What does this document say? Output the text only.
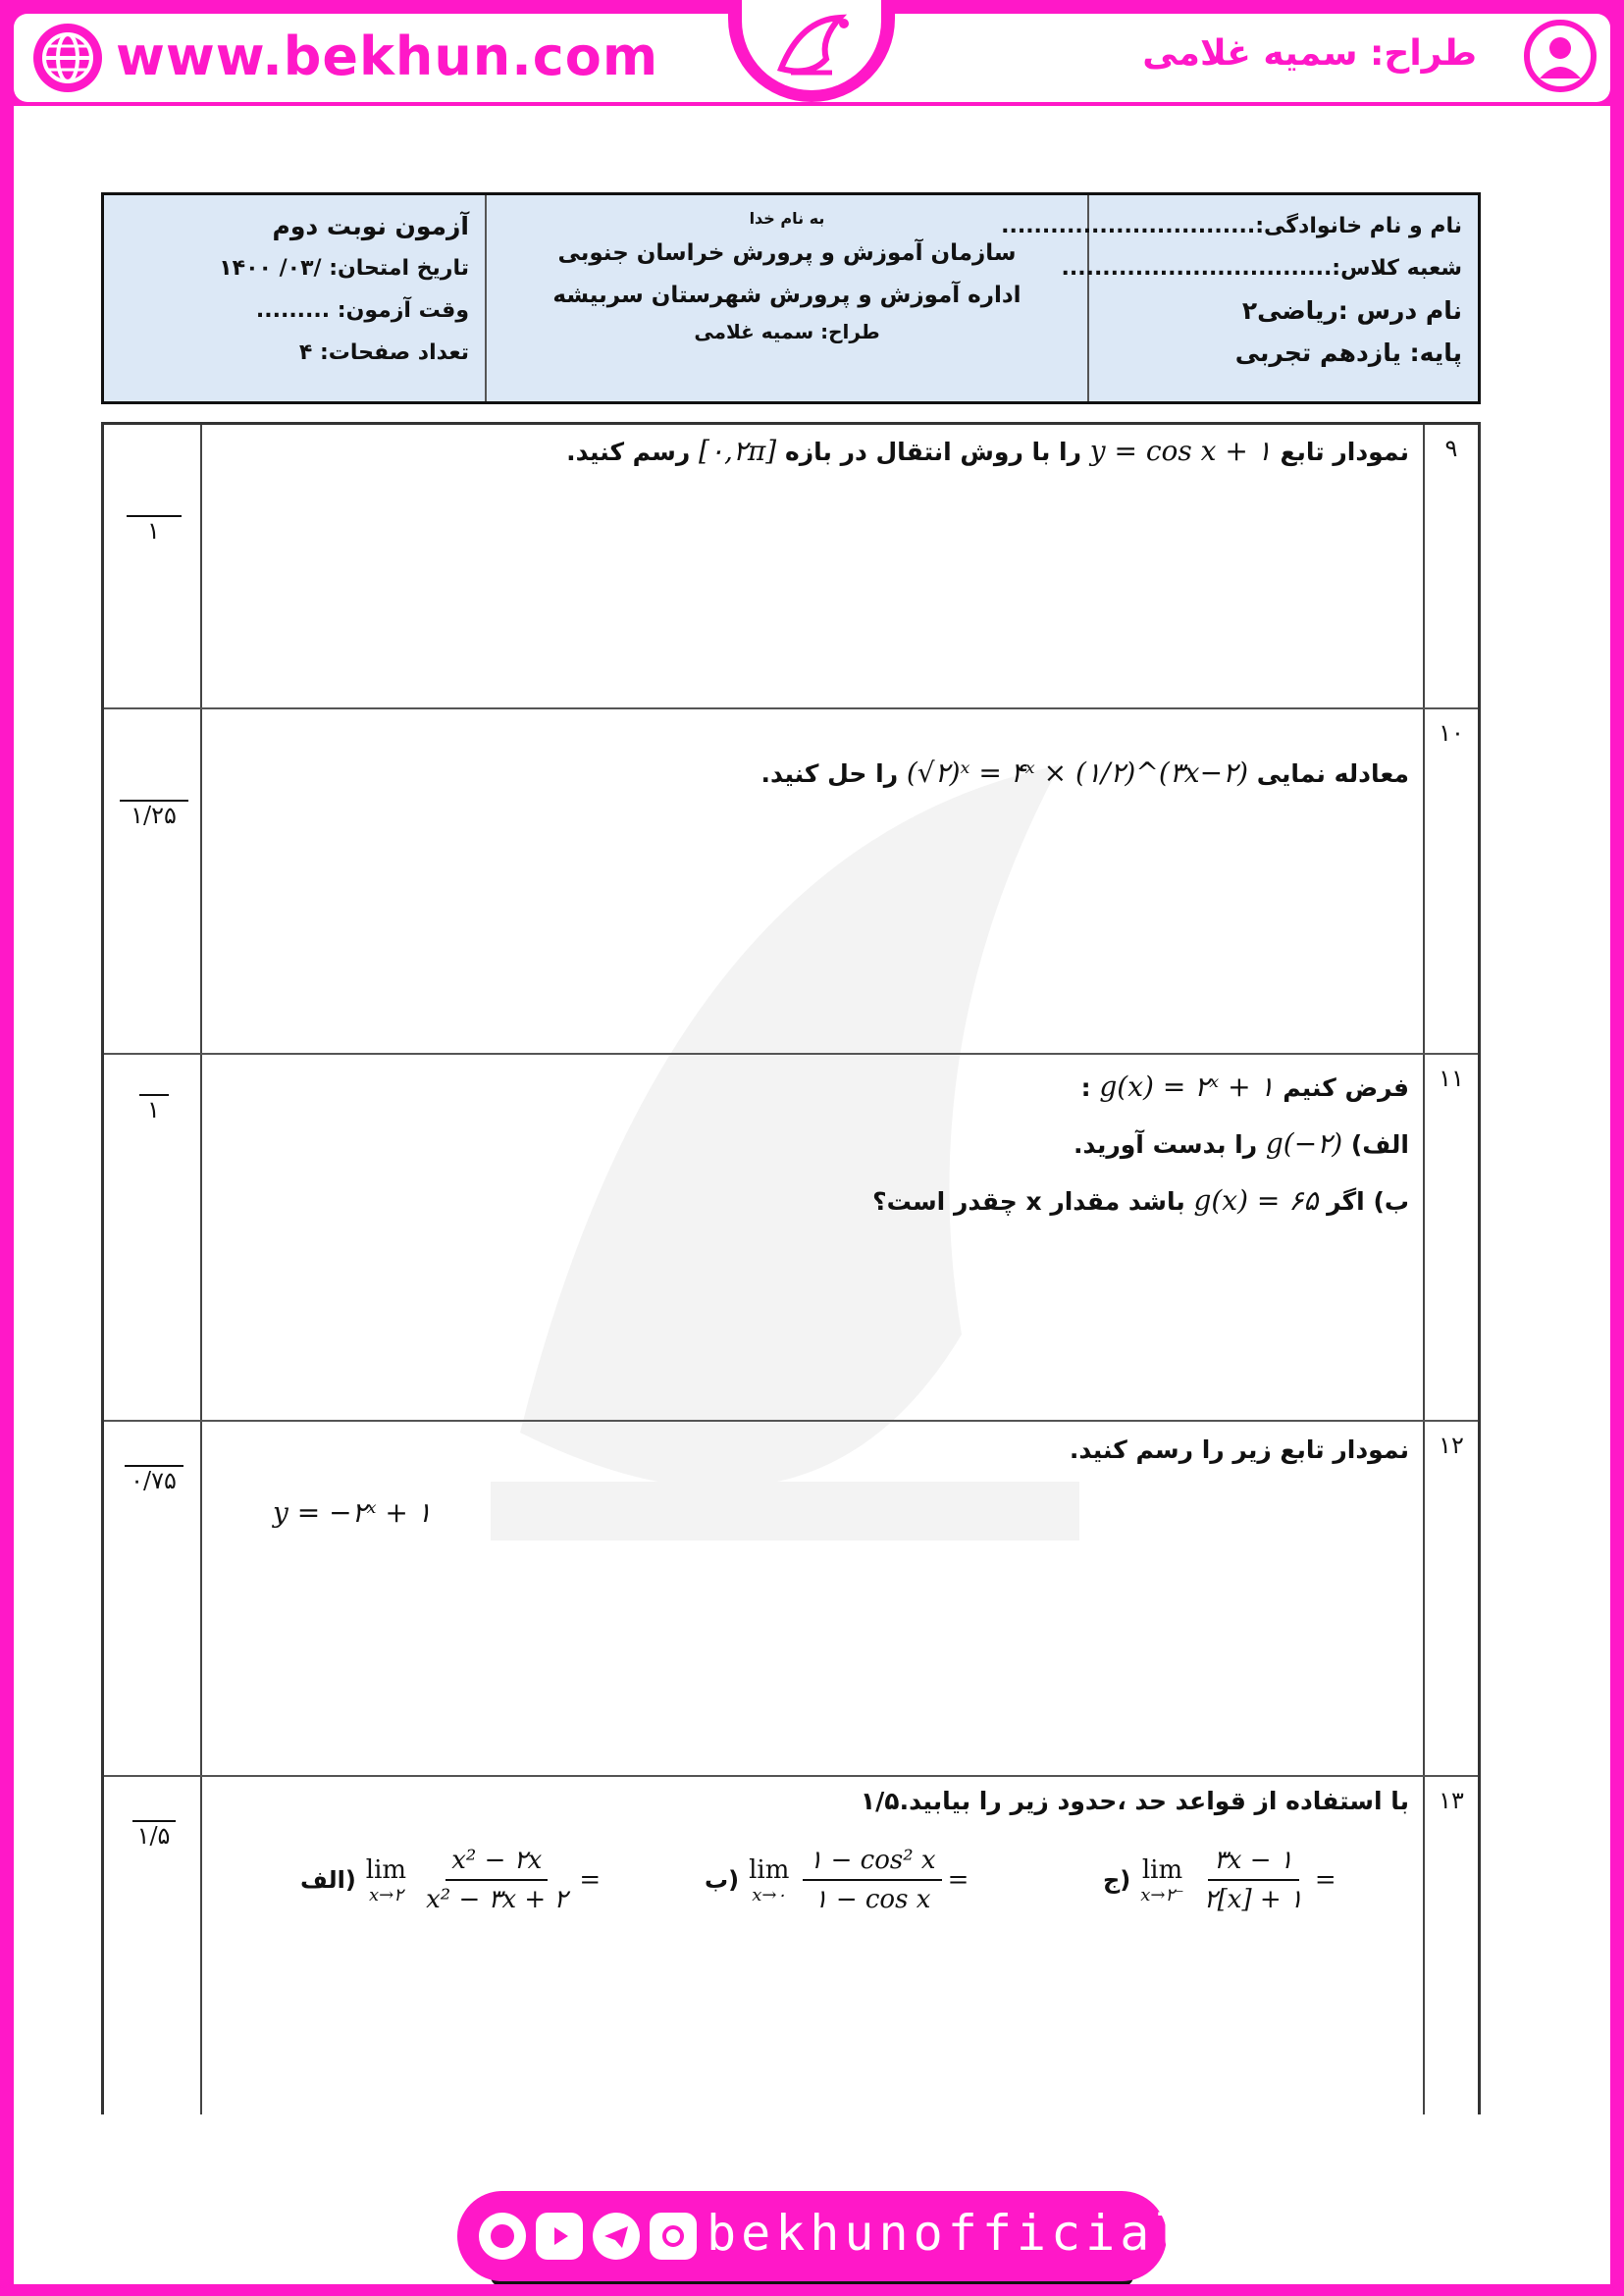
www.bekhun.com	طراح: سمیه غلامی
نام و نام خانوادگی:...............................
شعبه کلاس:.................................
نام درس :ریاضی۲
پایه: یازدهم تجربی
به نام خدا
سازمان آموزش و پرورش خراسان جنوبی
اداره آموزش و پرورش شهرستان سربیشه
طراح: سمیه غلامی
آزمون نوبت دوم
تاریخ امتحان: /۰۳/ ۱۴۰۰
وقت آزمون: .........
تعداد صفحات: ۴
۹
نمودار تابع y = cos x + ۱ را با روش انتقال در بازه [۰,۲π] رسم کنید.
۱
۱۰
معادله نمایی (√۲)ˣ = ۴ˣ × (۱/۲)^(۳x−۲) را حل کنید.
۱/۲۵
۱۱
فرض کنیم g(x) = ۲ˣ + ۱ :
الف) g(−۲) را بدست آورید.
ب) اگر g(x) = ۶۵ باشد مقدار x چقدر است؟
۱
۱۲
نمودار تابع زیر را رسم کنید.
y = −۲ˣ + ۱
۰/۷۵
۱۳
با استفاده از قواعد حد ،حدود زیر را بیابید.۱/۵
۱/۵
الف) lim
x→۲ $\frac{\text{x² − ۲x}}{\text{x² − ۳x + ۲}}$ =	ب) lim
x→۰ $\frac{\text{۱ − cos² x}}{\text{۱ − cos x}}$ =	ج) lim
x→۲⁻ $\frac{۳x - ۱}{۲[x] + ۱}$ =
bekhunofficial
